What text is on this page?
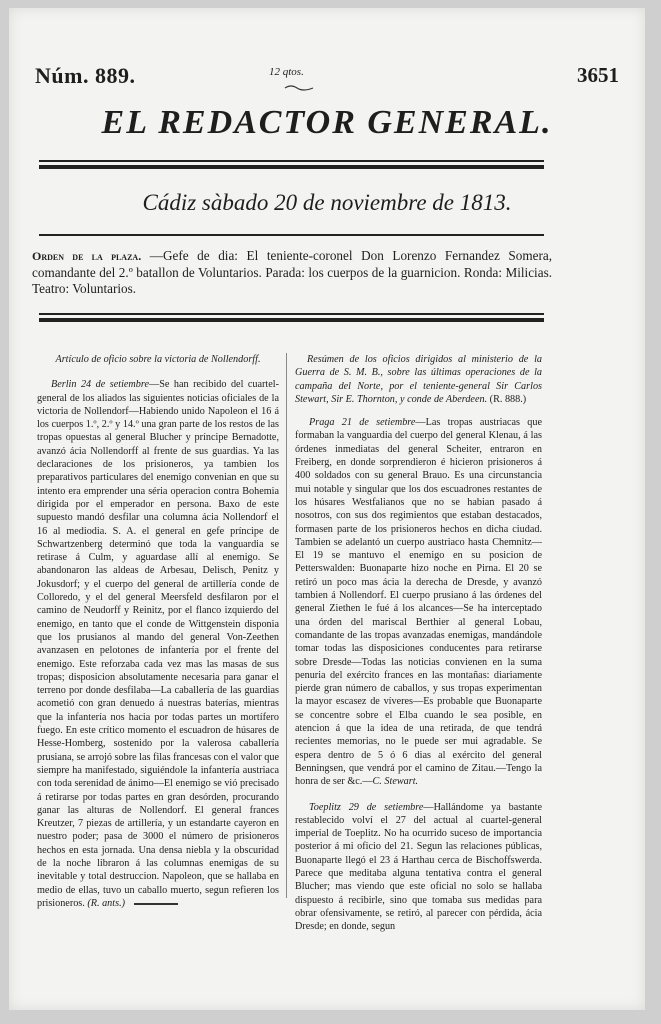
Núm. 889.	12 qtos.	3651
EL REDACTOR GENERAL.
Cádiz sàbado 20 de noviembre de 1813.
Orden de la plaza. —Gefe de dia: El teniente-coronel Don Lorenzo Fernandez Somera, comandante del 2.º batallon de Voluntarios. Parada: los cuerpos de la guarnicion. Ronda: Milicias. Teatro: Voluntarios.

Artículo de oficio sobre la victoria de Nollendorff.

Berlin 24 de setiembre—Se han recibido del cuartel-general de los aliados las siguientes noticias oficiales de la victoria de Nollendorf—Habiendo unido Napoleon el 16 á los cuerpos 1.º, 2.º y 14.º una gran parte de los restos de las tropas opuestas al general Blucher y príncipe Bernadotte, avanzó ácia Nollendorff al frente de sus guardias. Ya las declaraciones de los prisioneros, ya tambien los preparativos particulares del enemigo convenian en que su intento era emprender una séria operacion contra Bohemia dirigida por el emperador en persona. Baxo de este supuesto mandó desfilar una columna ácia Nollendorf el 16 al mediodia. S. A. el general en gefe príncipe de Schwartzenberg determinó que toda la vanguardia se retirase á Culm, y aguardase allí al enemigo. Se abandonaron las aldeas de Arbesau, Delisch, Penitz y Jokusdorf; y el cuerpo del general de artillería conde de Colloredo, y el del general Meersfeld desfilaron por el camino de Neudorff y Reinitz, por el flanco izquierdo del enemigo, en tanto que el conde de Wittgenstein disponia que los prusianos al mando del general Von-Zeethen avanzasen en pelotones de infantería por el frente del enemigo. Este reforzaba cada vez mas las masas de sus tropas; disposicion absolutamente necesaria para ganar el terreno por donde desfilaba—La caballería de las guardias acometió con gran denuedo á nuestras baterías, mientras que la infantería nos hacia por todas partes un mortífero fuego. En este crítico momento el escuadron de húsares de Hesse-Homberg, sostenido por la valerosa caballería prusiana, se arrojó sobre las filas francesas con el valor que siempre ha manifestado, siguiéndole la infantería austriaca con toda serenidad de ánimo—El enemigo se vió precisado á retirarse por todas partes en gran desórden, procurando ganar las alturas de Nollendorf. El general frances Kreutzer, 7 piezas de artillería, y un estandarte cayeron en nuestro poder; pasa de 3000 el número de prisioneros hechos en esta jornada. Una densa niebla y la obscuridad de la noche libraron á las columnas enemigas de su inevitable y total destruccion. Napoleon, que se hallaba en medio de ellas, tuvo un caballo muerto, segun refieren los prisioneros. (R. ants.)

Resúmen de los oficios dirigidos al ministerio de la Guerra de S. M. B., sobre las últimas operaciones de la campaña del Norte, por el teniente-general Sir Carlos Stewart, Sir E. Thornton, y conde de Aberdeen. (R. 888.)

Praga 21 de setiembre—Las tropas austriacas que formaban la vanguardia del cuerpo del general Klenau, á las órdenes inmediatas del general Scheiter, entraron en Freiberg, en donde sorprendieron é hicieron prisioneros á 400 soldados con su general Brauo. Es una circunstancia mui notable y singular que los dos escuadrones restantes de los húsares Westfalianos que no se habian pasado á nosotros, con sus dos regimientos que estaban destacados, formasen parte de los prisioneros hechos en dicha ciudad. Tambien se adelantó un cuerpo austriaco hasta Chemnitz—El 19 se mantuvo el enemigo en su posicion de Petterswalden: Buonaparte hizo noche en Pirna. El 20 se retiró un poco mas ácia la derecha de Dresde, y avanzó tambien á Nollendorf. El cuerpo prusiano á las órdenes del general Ziethen le fué á los alcances—Se ha interceptado una órden del mariscal Berthier al general Lobau, comandante de las tropas avanzadas enemigas, mandándole tomar todas las disposiciones conducentes para retirarse sobre Dresde—Todas las noticias convienen en la suma penuria del exército frances en las montañas: diariamente pierde gran número de caballos, y sus tropas experimentan la mayor escasez de víveres—Es probable que Buonaparte se concentre sobre el Elba cuando le sea posible, en atencion á que la idea de una retirada, de que tendrá recientes memorias, no le puede ser mui agradable. Se espera dentro de 5 ó 6 dias al exército del general Benningsen, que vendrá por el camino de Zitau.—Tengo la honra de ser &c.—C. Stewart.

Toeplitz 29 de setiembre—Hallándome ya bastante restablecido volví el 27 del actual al cuartel-general imperial de Toeplitz. No ha ocurrido suceso de importancia posterior á mi oficio del 21. Segun las relaciones públicas, Buonaparte llegó el 23 á Harthau cerca de Bischoffswerda. Parece que meditaba alguna tentativa contra el general Blucher; mas viendo que este oficial no solo se hallaba dispuesto á recibirle, sino que tomaba sus medidas para obrar ofensivamente, se retiró, al parecer con pérdida, ácia Dresde; en donde, segun
